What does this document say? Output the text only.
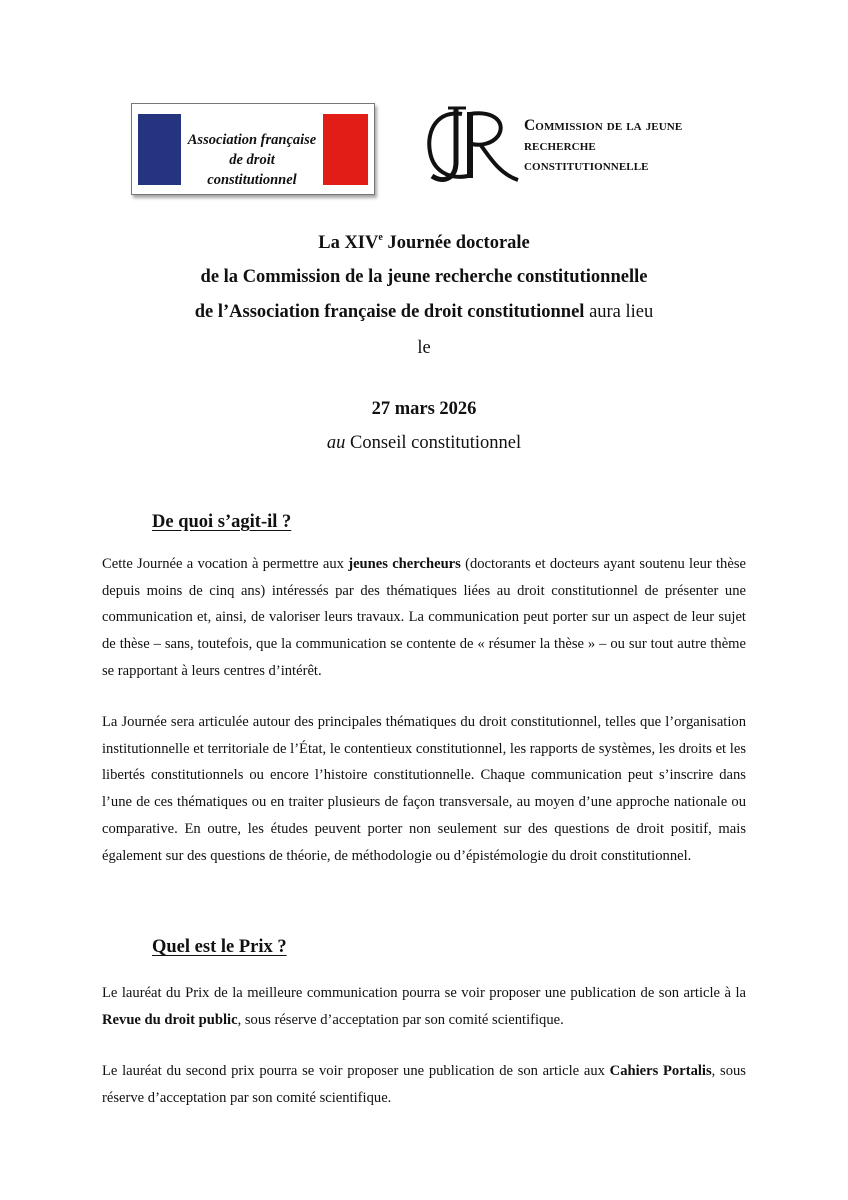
Association française
de droit constitutionnel
Commission de la jeune
recherche
constitutionnelle
La XIVe Journée doctorale
de la Commission de la jeune recherche constitutionnelle
de l’Association française de droit constitutionnel aura lieu
le
27 mars 2026
au Conseil constitutionnel
De quoi s’agit-il ?

Cette Journée a vocation à permettre aux jeunes chercheurs (doctorants et docteurs ayant soutenu leur thèse depuis moins de cinq ans) intéressés par des thématiques liées au droit constitutionnel de présenter une communication et, ainsi, de valoriser leurs travaux. La communication peut porter sur un aspect de leur sujet de thèse – sans, toutefois, que la communication se contente de « résumer la thèse » – ou sur tout autre thème se rapportant à leurs centres d’intérêt.

La Journée sera articulée autour des principales thématiques du droit constitutionnel, telles que l’organisation institutionnelle et territoriale de l’État, le contentieux constitutionnel, les rapports de systèmes, les droits et les libertés constitutionnels ou encore l’histoire constitutionnelle. Chaque communication peut s’inscrire dans l’une de ces thématiques ou en traiter plusieurs de façon transversale, au moyen d’une approche nationale ou comparative. En outre, les études peuvent porter non seulement sur des questions de droit positif, mais également sur des questions de théorie, de méthodologie ou d’épistémologie du droit constitutionnel.

Quel est le Prix ?

Le lauréat du Prix de la meilleure communication pourra se voir proposer une publication de son article à la Revue du droit public, sous réserve d’acceptation par son comité scientifique.

Le lauréat du second prix pourra se voir proposer une publication de son article aux Cahiers Portalis, sous réserve d’acceptation par son comité scientifique.
